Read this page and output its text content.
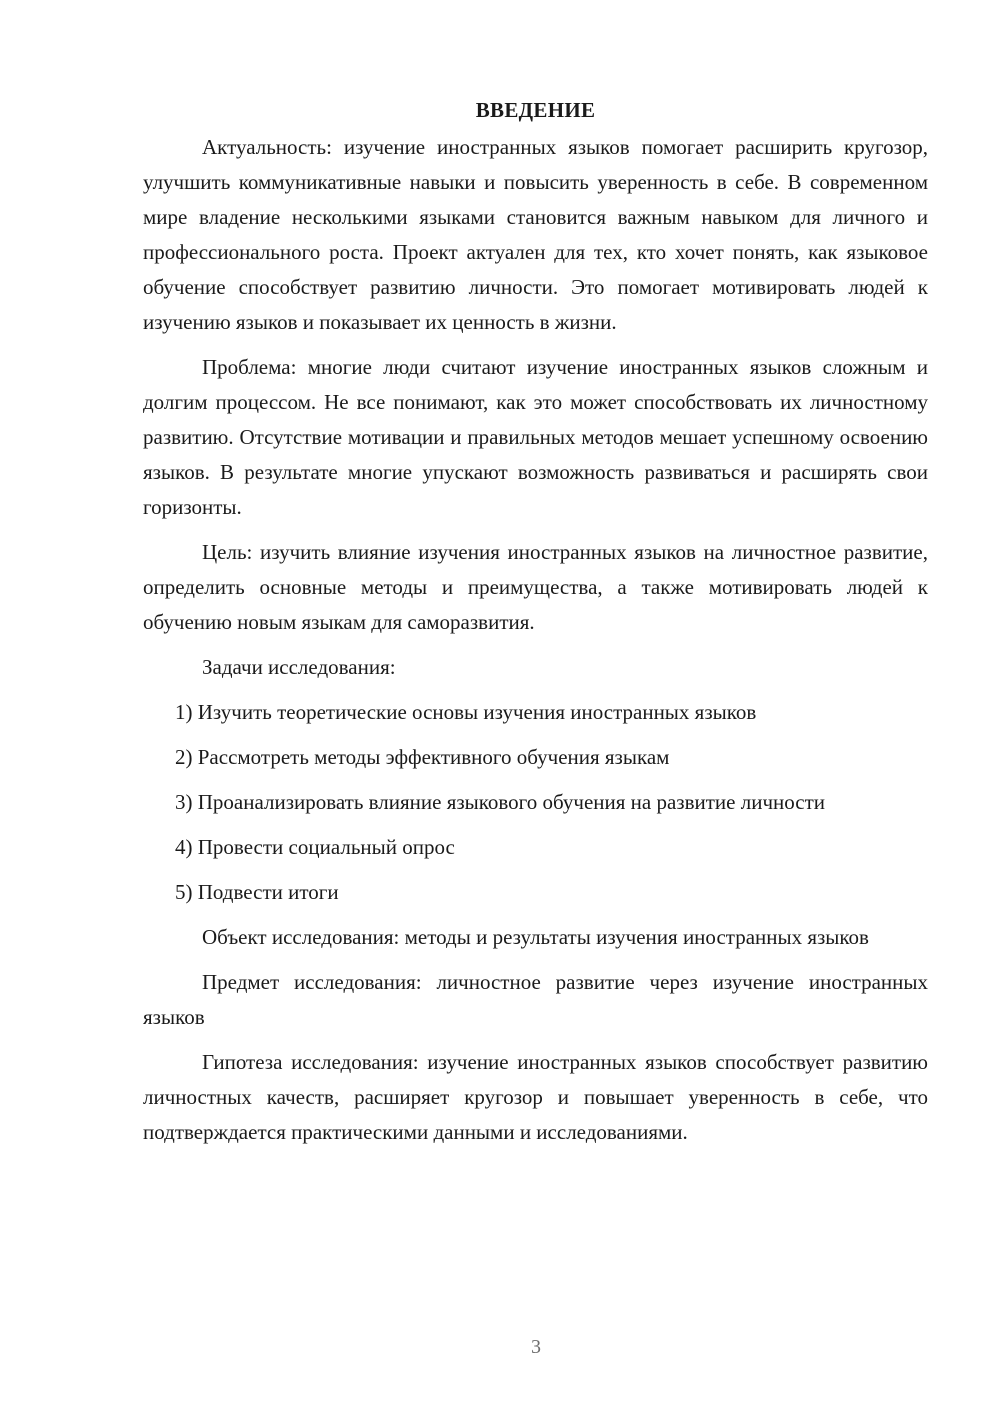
ВВЕДЕНИЕ

Актуальность: изучение иностранных языков помогает расширить кругозор, улучшить коммуникативные навыки и повысить уверенность в себе. В современном мире владение несколькими языками становится важным навыком для личного и профессионального роста. Проект актуален для тех, кто хочет понять, как языковое обучение способствует развитию личности. Это помогает мотивировать людей к изучению языков и показывает их ценность в жизни.

Проблема: многие люди считают изучение иностранных языков сложным и долгим процессом. Не все понимают, как это может способствовать их личностному развитию. Отсутствие мотивации и правильных методов мешает успешному освоению языков. В результате многие упускают возможность развиваться и расширять свои горизонты.

Цель: изучить влияние изучения иностранных языков на личностное развитие, определить основные методы и преимущества, а также мотивировать людей к обучению новым языкам для саморазвития.

Задачи исследования:

1) Изучить теоретические основы изучения иностранных языков

2) Рассмотреть методы эффективного обучения языкам

3) Проанализировать влияние языкового обучения на развитие личности

4) Провести социальный опрос

5) Подвести итоги

Объект исследования: методы и результаты изучения иностранных языков

Предмет исследования: личностное развитие через изучение иностранных языков

Гипотеза исследования: изучение иностранных языков способствует развитию личностных качеств, расширяет кругозор и повышает уверенность в себе, что подтверждается практическими данными и исследованиями.

3
